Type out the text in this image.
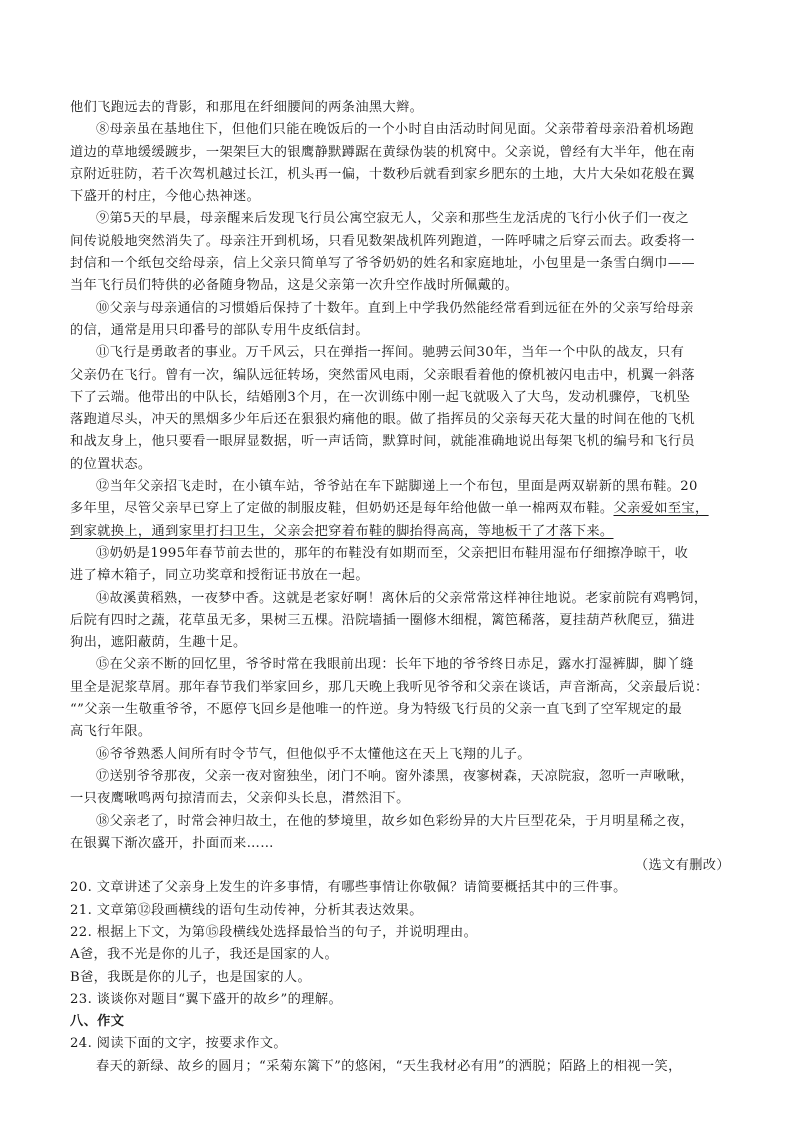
他们飞跑远去的背影，和那甩在纤细腰间的两条油黑大辫。
⑧母亲虽在基地住下，但他们只能在晚饭后的一个小时自由活动时间见面。父亲带着母亲沿着机场跑
道边的草地缓缓踱步，一架架巨大的银鹰静默蹲踞在黄绿伪装的机窝中。父亲说，曾经有大半年，他在南
京附近驻防，若千次驾机越过长江，机头再一偏，十数秒后就看到家乡肥东的土地，大片大朵如花般在翼
下盛开的村庄，今他心热神迷。
⑨第5天的早晨，母亲醒来后发现飞行员公寓空寂无人，父亲和那些生龙活虎的飞行小伙子们一夜之
间传说般地突然消失了。母亲注开到机场，只看见数架战机阵列跑道，一阵呼啸之后穿云而去。政委将一
封信和一个纸包交给母亲，信上父亲只简单写了爷爷奶奶的姓名和家庭地址，小包里是一条雪白绸巾——
当年飞行员们特供的必备随身物品，这是父亲第一次升空作战时所佩戴的。
⑩父亲与母亲通信的习惯婚后保持了十数年。直到上中学我仍然能经常看到远征在外的父亲写给母亲
的信，通常是用只印番号的部队专用牛皮纸信封。
⑪飞行是勇敢者的事业。万千风云，只在弹指一挥间。驰骋云间30年，当年一个中队的战友，只有
父亲仍在飞行。曾有一次，编队远征转场，突然雷风电雨，父亲眼看着他的僚机被闪电击中，机翼一斜落
下了云端。他带出的中队长，结婚刚3个月，在一次训练中刚一起飞就吸入了大鸟，发动机骤停，飞机坠
落跑道尽头，冲天的黑烟多少年后还在狠狠灼痛他的眼。做了指挥员的父亲每天花大量的时间在他的飞机
和战友身上，他只要看一眼屏显数据，听一声话筒，默算时间，就能准确地说出每架飞机的编号和飞行员
的位置状态。
⑫当年父亲招飞走时，在小镇车站，爷爷站在车下踮脚递上一个布包，里面是两双崭新的黑布鞋。20
多年里，尽管父亲早已穿上了定做的制服皮鞋，但奶奶还是每年给他做一单一棉两双布鞋。父亲爱如至宝，
到家就换上，通到家里打扫卫生，父亲会把穿着布鞋的脚抬得高高，等地板干了才落下来。
⑬奶奶是1995年春节前去世的，那年的布鞋没有如期而至，父亲把旧布鞋用湿布仔细擦净晾干，收
进了樟木箱子，同立功奖章和授衔证书放在一起。
⑭故溪黄稻熟，一夜梦中香。这就是老家好啊！离休后的父亲常常这样神往地说。老家前院有鸡鸭饲，
后院有四时之蔬，花草虽无多，果树三五棵。沿院墙插一圈修木细棍，篱笆稀落，夏挂葫芦秋爬豆，猫进
狗出，遮阳蔽荫，生趣十足。
⑮在父亲不断的回忆里，爷爷时常在我眼前出现：长年下地的爷爷终日赤足，露水打湿裤脚，脚丫缝
里全是泥浆草屑。那年春节我们举家回乡，那几天晚上我听见爷爷和父亲在谈话，声音渐高，父亲最后说：
“”父亲一生敬重爷爷，不愿停飞回乡是他唯一的忤逆。身为特级飞行员的父亲一直飞到了空军规定的最
高飞行年限。
⑯爷爷熟悉人间所有时令节气，但他似乎不太懂他这在天上飞翔的儿子。
⑰送别爷爷那夜，父亲一夜对窗独坐，闭门不响。窗外漆黑，夜寥树森，天凉院寂，忽听一声啾啾，
一只夜鹰啾鸣两句掠清而去，父亲仰头长息，潸然泪下。
⑱父亲老了，时常会神归故土，在他的梦境里，故乡如色彩纷异的大片巨型花朵，于月明星稀之夜，
在银翼下渐次盛开，扑面而来……
（选文有删改）
20. 文章讲述了父亲身上发生的许多事情，有哪些事情让你敬佩？请简要概括其中的三件事。
21. 文章第⑫段画横线的语句生动传神，分析其表达效果。
22. 根据上下文，为第⑮段横线处选择最恰当的句子，并说明理由。
A爸，我不光是你的儿子，我还是国家的人。
B爸，我既是你的儿子，也是国家的人。
23. 谈谈你对题目“翼下盛开的故乡”的理解。
八、作文
24. 阅读下面的文字，按要求作文。
春天的新绿、故乡的圆月；“采菊东篱下”的悠闲，“天生我材必有用”的洒脱；陌路上的相视一笑，
